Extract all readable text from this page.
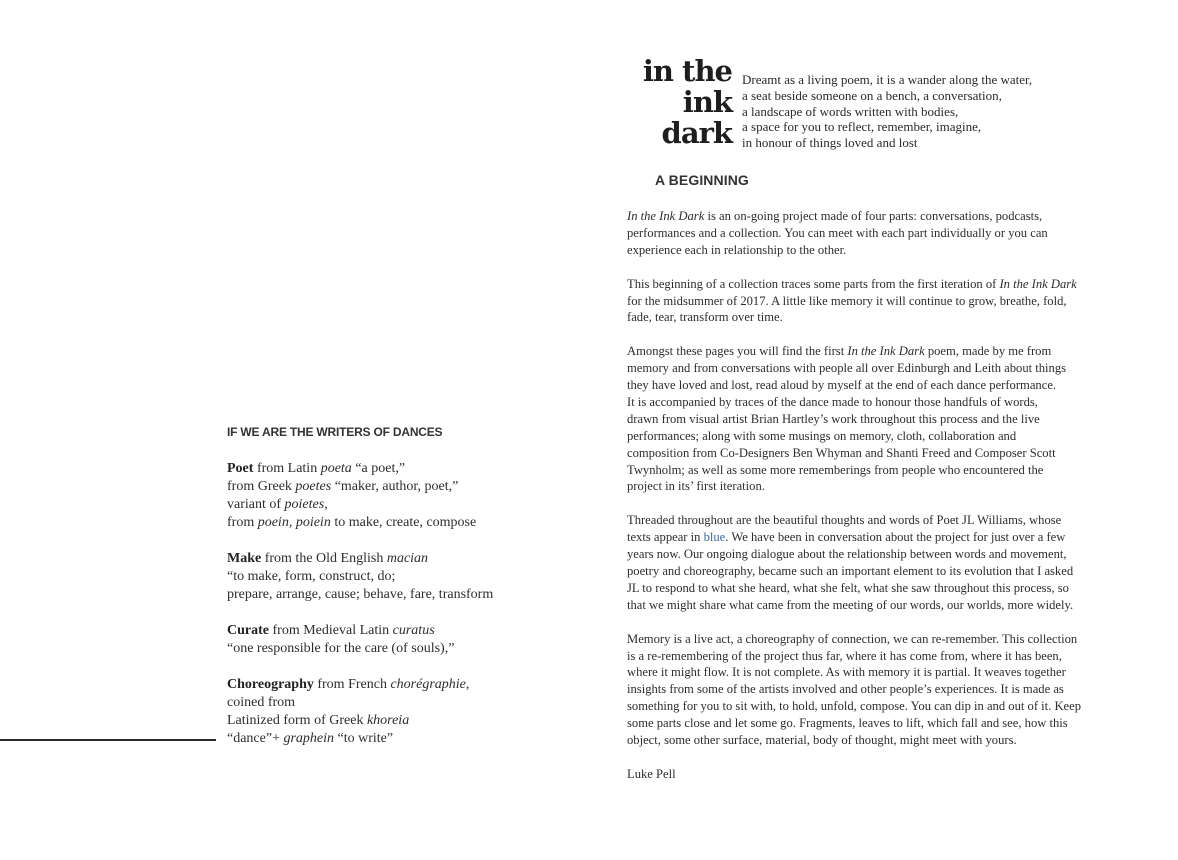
IF WE ARE THE WRITERS OF DANCES
Poet from Latin poeta “a poet,”
from Greek poetes “maker, author, poet,”
variant of poietes,
from poein, poiein to make, create, compose
Make from the Old English macian
“to make, form, construct, do;
prepare, arrange, cause; behave, fare, transform
Curate from Medieval Latin curatus
“one responsible for the care (of souls),”
Choreography from French chorégraphie,
coined from
Latinized form of Greek khoreia
“dance”+ graphein “to write”
in the
ink
dark
Dreamt as a living poem, it is a wander along the water,
a seat beside someone on a bench, a conversation,
a landscape of words written with bodies,
a space for you to reflect, remember, imagine,
in honour of things loved and lost
A BEGINNING

In the Ink Dark is an on-going project made of four parts: conversations, podcasts,
performances and a collection. You can meet with each part individually or you can
experience each in relationship to the other.

This beginning of a collection traces some parts from the first iteration of In the Ink Dark
for the midsummer of 2017. A little like memory it will continue to grow, breathe, fold,
fade, tear, transform over time.

Amongst these pages you will find the first In the Ink Dark poem, made by me from
memory and from conversations with people all over Edinburgh and Leith about things
they have loved and lost, read aloud by myself at the end of each dance performance.
It is accompanied by traces of the dance made to honour those handfuls of words,
drawn from visual artist Brian Hartley’s work throughout this process and the live
performances; along with some musings on memory, cloth, collaboration and
composition from Co-Designers Ben Whyman and Shanti Freed and Composer Scott
Twynholm; as well as some more rememberings from people who encountered the
project in its’ first iteration.

Threaded throughout are the beautiful thoughts and words of Poet JL Williams, whose
texts appear in blue. We have been in conversation about the project for just over a few
years now. Our ongoing dialogue about the relationship between words and movement,
poetry and choreography, became such an important element to its evolution that I asked
JL to respond to what she heard, what she felt, what she saw throughout this process, so
that we might share what came from the meeting of our words, our worlds, more widely.

Memory is a live act, a choreography of connection, we can re-remember. This collection
is a re-remembering of the project thus far, where it has come from, where it has been,
where it might flow. It is not complete. As with memory it is partial. It weaves together
insights from some of the artists involved and other people’s experiences. It is made as
something for you to sit with, to hold, unfold, compose. You can dip in and out of it. Keep
some parts close and let some go. Fragments, leaves to lift, which fall and see, how this
object, some other surface, material, body of thought, might meet with yours.

Luke Pell
